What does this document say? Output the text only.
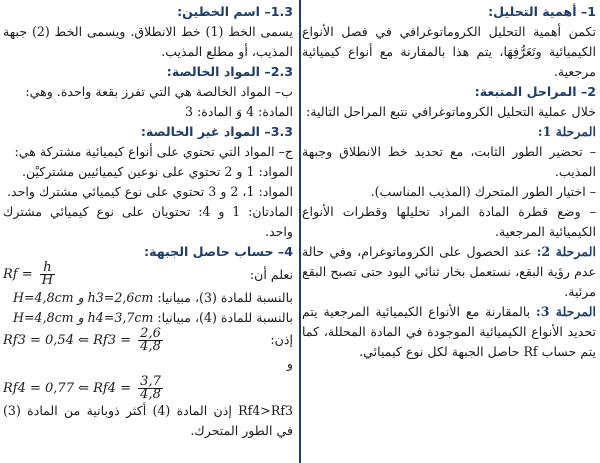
1– أهمية التحليل:

تكمن أهمية التحليل الكروماتوغرافي في فصل الأنواع الكيميائية وتَعَرُّفِهَا، يتم هذا بالمقارنة مع أنواع كيميائية مرجعية.

2– المراحل المتبعة:

خلال عملية التحليل الكروماتوغرافي نتبع المراحل التالية:

المرحلة 1:

– تحضير الطور الثابت، مع تحديد خط الانطلاق وجبهة المذيب.

– اختيار الطور المتحرك (المذيب المناسب).

– وضع قطرة المادة المراد تحليلها وقطرات الأنواع الكيميائية المرجعية.

المرحلة 2: عند الحصول على الكروماتوغرام، وفي حالة عدم رؤية البقع، نستعمل بخار ثنائي اليود حتى تصبح البقع مرئية.

المرحلة 3: بالمقارنة مع الأنواع الكيميائية المرجعية يتم تحديد الأنواع الكيميائية الموجودة في المادة المحللة، كما يتم حساب Rf حاصل الجبهة لكل نوع كيميائي.

1.3– اسم الخطين:

يسمى الخط (1) خط الانطلاق. ويسمى الخط (2) جبهة المذيب، أو مطلع المذيب.

2.3– المواد الخالصة:

ب– المواد الخالصة هي التي تفرز بقعة واحدة. وهي:

المادة: 4 وَ المادة: 3

3.3– المواد غير الخالصة:

ج– المواد التي تحتوي على أنواع كيميائية مشتركة هي:

المواد: 1 و 2 تحتوي على نوعين كيميائيين مشتركيْن.

المواد: 1، 2 و 3 تحتوي على نوع كيميائي مشترك واحد.

المادتان: 1 و 4: تحتويان على نوع كيميائي مشترك واحد.

4– حساب حاصل الجبهة:

نعلم أن:
$Rf = \frac{h}{H}$

بالنسبة للمادة (3)، مبيانيا: H=4,8cm و h3=2,6cm

بالنسبة للمادة (4)، مبيانيا: H=4,8cm و h4=3,7cm

إذن:
Rf3 = 0,54 ⇐ $Rf3 = \frac{2,6}{4,8}$

و
Rf4 = 0,77 ⇐ $Rf4 = \frac{3,7}{4,8}$

Rf4>Rf3 إذن المادة (4) أكثر ذوبانية من المادة (3) في الطور المتحرك.
